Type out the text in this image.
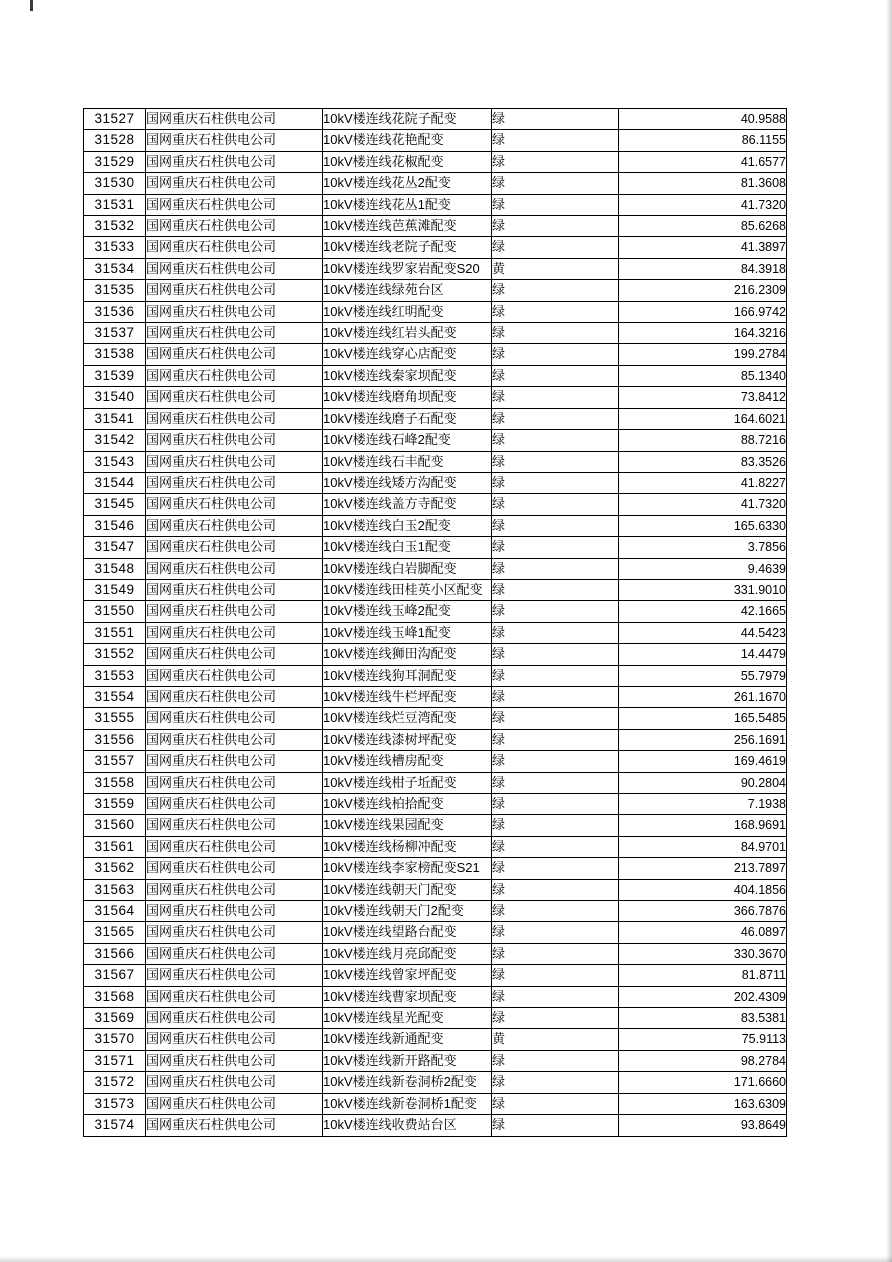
31527	国网重庆石柱供电公司	10kV楼连线花院子配变	绿	40.9588
31528	国网重庆石柱供电公司	10kV楼连线花艳配变	绿	86.1155
31529	国网重庆石柱供电公司	10kV楼连线花椒配变	绿	41.6577
31530	国网重庆石柱供电公司	10kV楼连线花丛2配变	绿	81.3608
31531	国网重庆石柱供电公司	10kV楼连线花丛1配变	绿	41.7320
31532	国网重庆石柱供电公司	10kV楼连线芭蕉滩配变	绿	85.6268
31533	国网重庆石柱供电公司	10kV楼连线老院子配变	绿	41.3897
31534	国网重庆石柱供电公司	10kV楼连线罗家岩配变S20	黄	84.3918
31535	国网重庆石柱供电公司	10kV楼连线绿苑台区	绿	216.2309
31536	国网重庆石柱供电公司	10kV楼连线红明配变	绿	166.9742
31537	国网重庆石柱供电公司	10kV楼连线红岩头配变	绿	164.3216
31538	国网重庆石柱供电公司	10kV楼连线穿心店配变	绿	199.2784
31539	国网重庆石柱供电公司	10kV楼连线秦家坝配变	绿	85.1340
31540	国网重庆石柱供电公司	10kV楼连线磨角坝配变	绿	73.8412
31541	国网重庆石柱供电公司	10kV楼连线磨子石配变	绿	164.6021
31542	国网重庆石柱供电公司	10kV楼连线石峰2配变	绿	88.7216
31543	国网重庆石柱供电公司	10kV楼连线石丰配变	绿	83.3526
31544	国网重庆石柱供电公司	10kV楼连线矮方沟配变	绿	41.8227
31545	国网重庆石柱供电公司	10kV楼连线盖方寺配变	绿	41.7320
31546	国网重庆石柱供电公司	10kV楼连线白玉2配变	绿	165.6330
31547	国网重庆石柱供电公司	10kV楼连线白玉1配变	绿	3.7856
31548	国网重庆石柱供电公司	10kV楼连线白岩脚配变	绿	9.4639
31549	国网重庆石柱供电公司	10kV楼连线田桂英小区配变	绿	331.9010
31550	国网重庆石柱供电公司	10kV楼连线玉峰2配变	绿	42.1665
31551	国网重庆石柱供电公司	10kV楼连线玉峰1配变	绿	44.5423
31552	国网重庆石柱供电公司	10kV楼连线狮田沟配变	绿	14.4479
31553	国网重庆石柱供电公司	10kV楼连线狗耳洞配变	绿	55.7979
31554	国网重庆石柱供电公司	10kV楼连线牛栏坪配变	绿	261.1670
31555	国网重庆石柱供电公司	10kV楼连线烂豆湾配变	绿	165.5485
31556	国网重庆石柱供电公司	10kV楼连线漆树坪配变	绿	256.1691
31557	国网重庆石柱供电公司	10kV楼连线槽房配变	绿	169.4619
31558	国网重庆石柱供电公司	10kV楼连线柑子坵配变	绿	90.2804
31559	国网重庆石柱供电公司	10kV楼连线柏拾配变	绿	7.1938
31560	国网重庆石柱供电公司	10kV楼连线果园配变	绿	168.9691
31561	国网重庆石柱供电公司	10kV楼连线杨柳冲配变	绿	84.9701
31562	国网重庆石柱供电公司	10kV楼连线李家榜配变S21	绿	213.7897
31563	国网重庆石柱供电公司	10kV楼连线朝天门配变	绿	404.1856
31564	国网重庆石柱供电公司	10kV楼连线朝天门2配变	绿	366.7876
31565	国网重庆石柱供电公司	10kV楼连线望路台配变	绿	46.0897
31566	国网重庆石柱供电公司	10kV楼连线月亮邱配变	绿	330.3670
31567	国网重庆石柱供电公司	10kV楼连线曾家坪配变	绿	81.8711
31568	国网重庆石柱供电公司	10kV楼连线曹家坝配变	绿	202.4309
31569	国网重庆石柱供电公司	10kV楼连线星光配变	绿	83.5381
31570	国网重庆石柱供电公司	10kV楼连线新通配变	黄	75.9113
31571	国网重庆石柱供电公司	10kV楼连线新开路配变	绿	98.2784
31572	国网重庆石柱供电公司	10kV楼连线新卷洞桥2配变	绿	171.6660
31573	国网重庆石柱供电公司	10kV楼连线新卷洞桥1配变	绿	163.6309
31574	国网重庆石柱供电公司	10kV楼连线收费站台区	绿	93.8649
